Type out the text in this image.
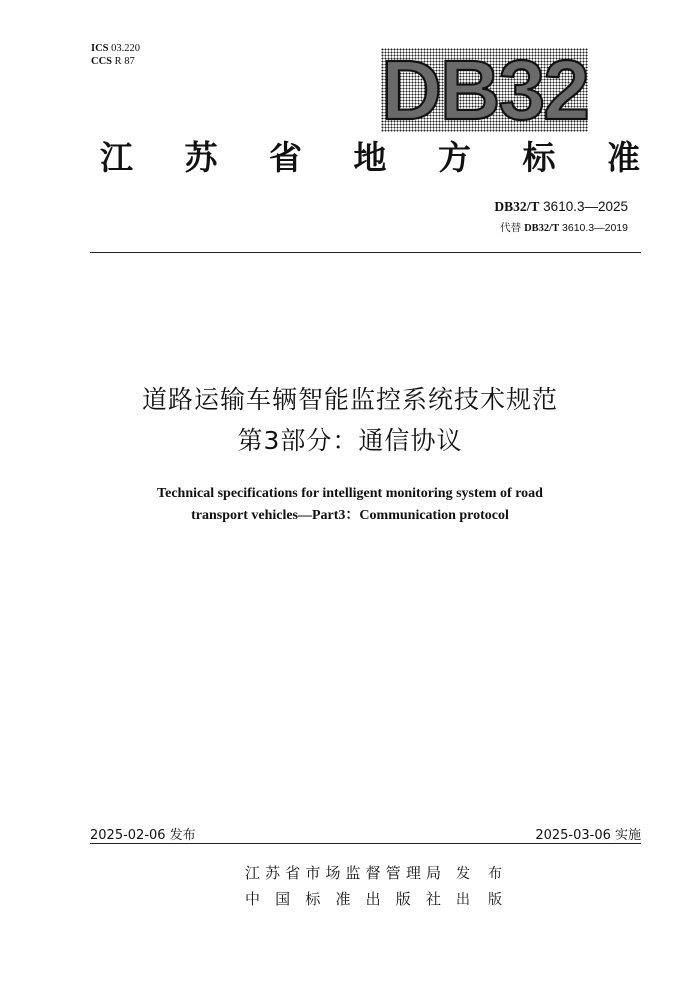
ICS 03.220
CCS R 87	DB32
江 苏 省 地 方 标 准
DB32/T 3610.3—2025
代替 DB32/T 3610.3—2019
道路运输车辆智能监控系统技术规范
第3部分：通信协议
Technical specifications for intelligent monitoring system of road
transport vehicles—Part3：Communication protocol
2025-02-06 发布	2025-03-06 实施
江 苏 省 市 场 监 督 管 理 局 发 布
中 国 标 准 出 版 社 出 版
